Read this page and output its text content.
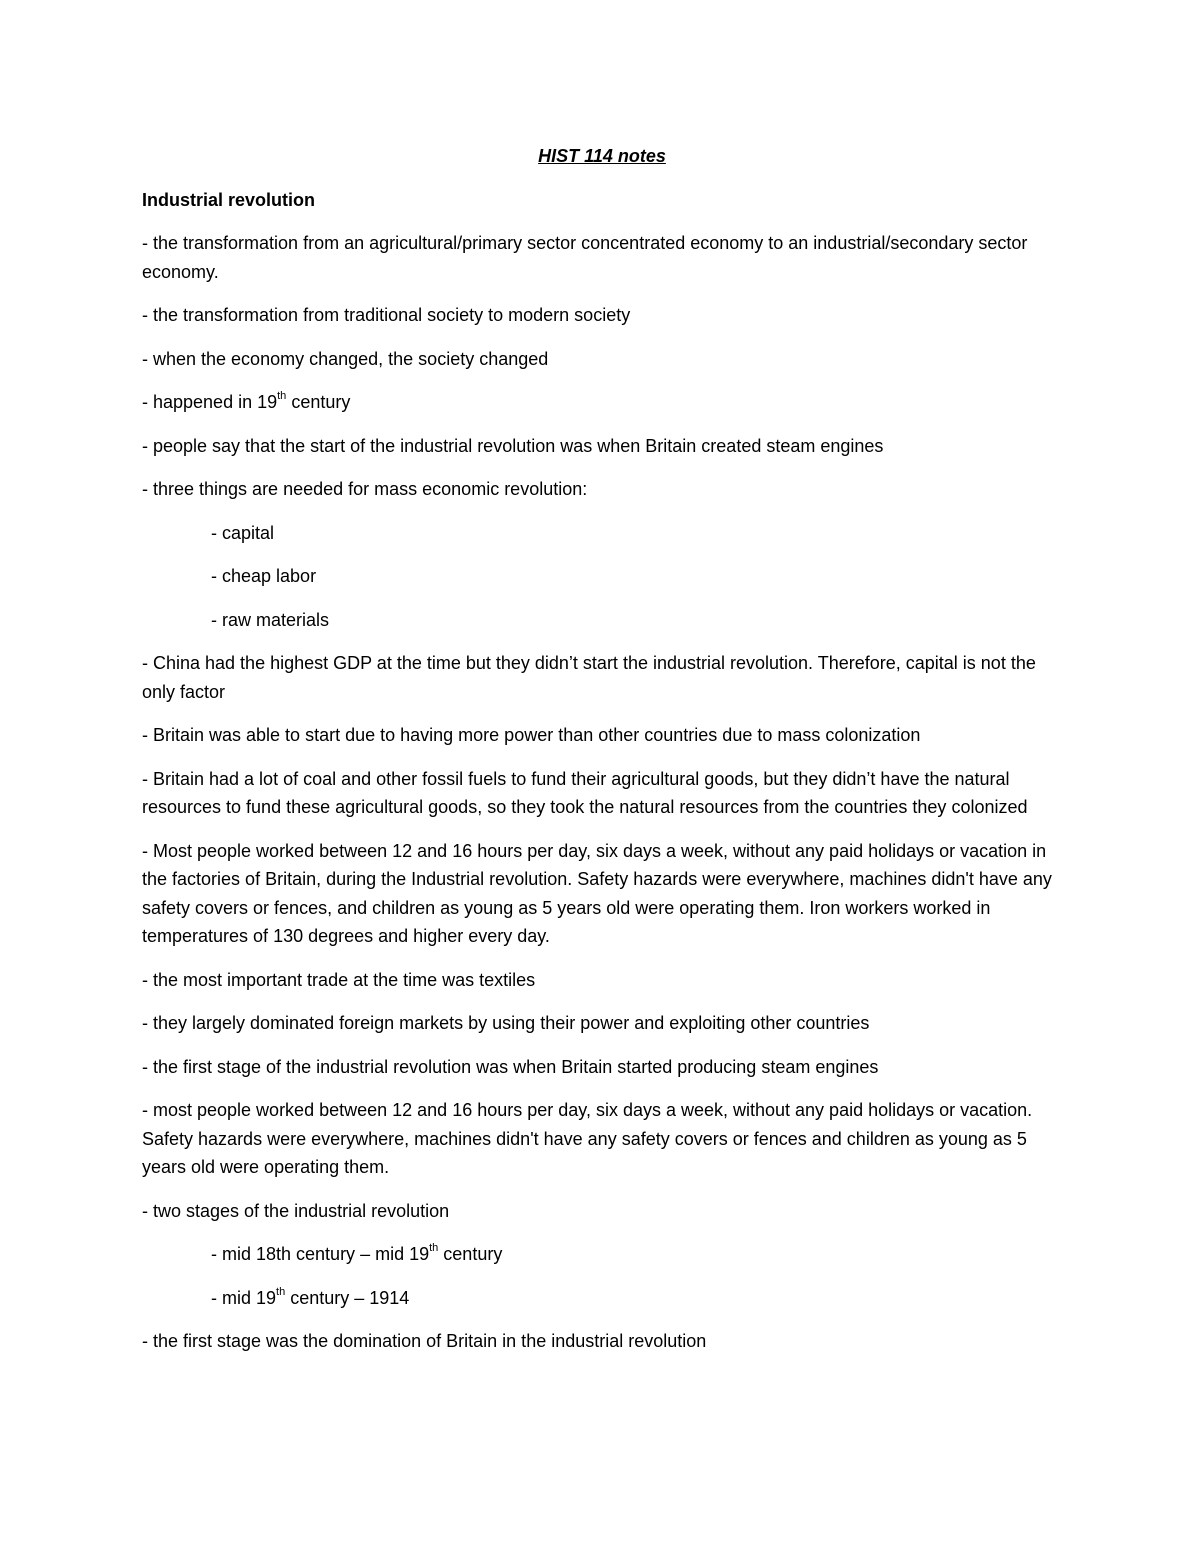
HIST 114 notes
Industrial revolution
- the transformation from an agricultural/primary sector concentrated economy to an industrial/secondary sector economy.
- the transformation from traditional society to modern society
- when the economy changed, the society changed
- happened in 19th century
- people say that the start of the industrial revolution was when Britain created steam engines
- three things are needed for mass economic revolution:
- capital
- cheap labor
- raw materials
- China had the highest GDP at the time but they didn’t start the industrial revolution. Therefore, capital is not the only factor
- Britain was able to start due to having more power than other countries due to mass colonization
- Britain had a lot of coal and other fossil fuels to fund their agricultural goods, but they didn’t have the natural resources to fund these agricultural goods, so they took the natural resources from the countries they colonized
- Most people worked between 12 and 16 hours per day, six days a week, without any paid holidays or vacation in the factories of Britain, during the Industrial revolution. Safety hazards were everywhere, machines didn't have any safety covers or fences, and children as young as 5 years old were operating them. Iron workers worked in temperatures of 130 degrees and higher every day.
- the most important trade at the time was textiles
- they largely dominated foreign markets by using their power and exploiting other countries
- the first stage of the industrial revolution was when Britain started producing steam engines
- most people worked between 12 and 16 hours per day, six days a week, without any paid holidays or vacation. Safety hazards were everywhere, machines didn't have any safety covers or fences and children as young as 5 years old were operating them.
- two stages of the industrial revolution
- mid 18th century – mid 19th century
- mid 19th century – 1914
- the first stage was the domination of Britain in the industrial revolution
